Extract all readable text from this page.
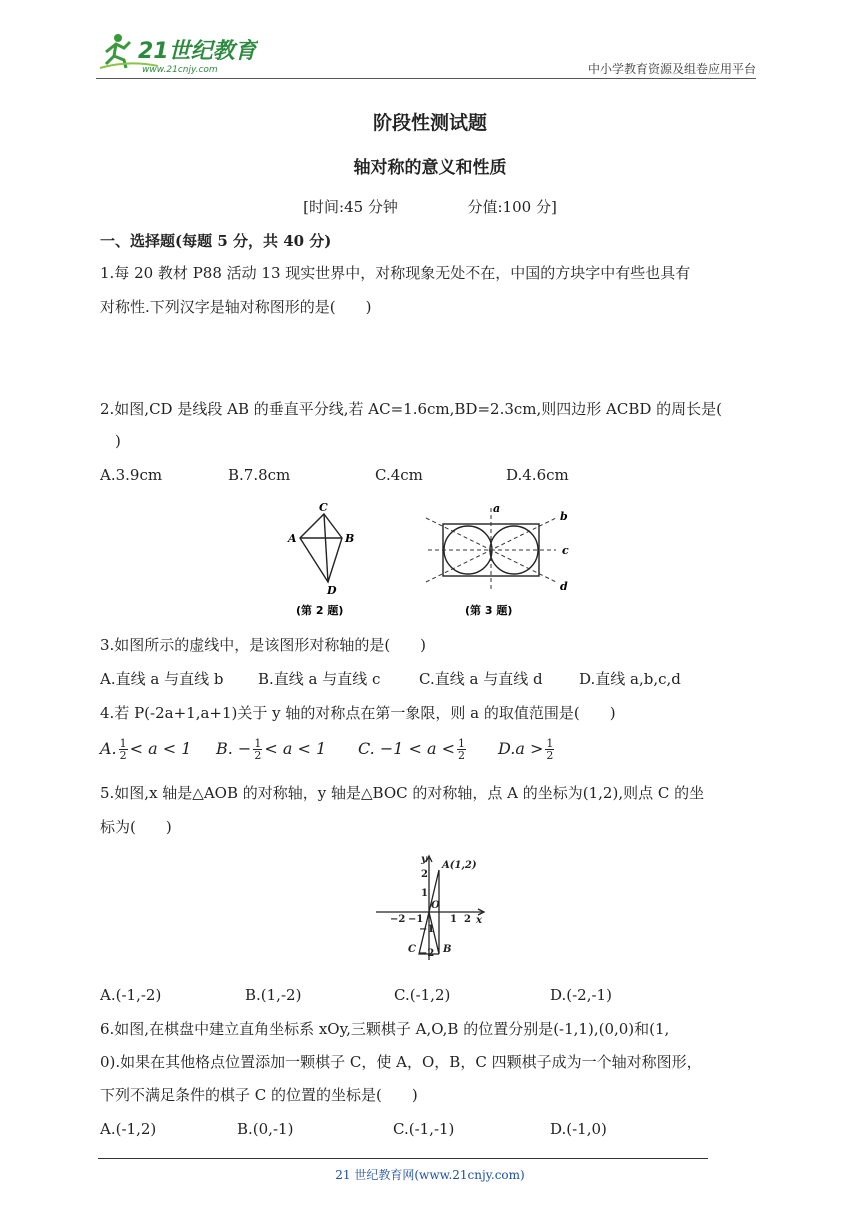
21世纪教育
www.21cnjy.com	中小学教育资源及组卷应用平台
阶段性测试题
轴对称的意义和性质
[时间:45 分钟	分值:100 分]
一、选择题(每题 5 分，共 40 分)
1.每 20 教材 P88 活动 13 现实世界中，对称现象无处不在，中国的方块字中有些也具有
对称性.下列汉字是轴对称图形的是(　　)
2.如图,CD 是线段 AB 的垂直平分线,若 AC=1.6cm,BD=2.3cm,则四边形 ACBD 的周长是(
　)
A.3.9cm	B.7.8cm	C.4cm	D.4.6cm
C
A	B
D
(第 2 题)
a
b
c
d
(第 3 题)
3.如图所示的虚线中，是该图形对称轴的是(　　)
A.直线 a 与直线 b B.直线 a 与直线 c	C.直线 a 与直线 d D.直线 a,b,c,d
4.若 P(-2a+1,a+1)关于 y 轴的对称点在第一象限，则 a 的取值范围是(　　)
A. $\frac{1}{2} < a < 1$ B. − $\frac{1}{2} < a < 1$ C. $-1 < a < \frac{1}{2} D.a > \frac{1}{2}$
5.如图,x 轴是△AOB 的对称轴，y 轴是△BOC 的对称轴，点 A 的坐标为(1,2),则点 C 的坐
标为(　　)
y
x
A(1,2)
O
B
C
2
1
−1
−2
1 2
−1
−2
A.(-1,-2)	B.(1,-2)	C.(-1,2)	D.(-2,-1)
6.如图,在棋盘中建立直角坐标系 xOy,三颗棋子 A,O,B 的位置分别是(-1,1),(0,0)和(1,
0).如果在其他格点位置添加一颗棋子 C，使 A，O，B，C 四颗棋子成为一个轴对称图形，
下列不满足条件的棋子 C 的位置的坐标是(　　)
A.(-1,2)	B.(0,-1)	C.(-1,-1)	D.(-1,0)
21 世纪教育网(www.21cnjy.com)
